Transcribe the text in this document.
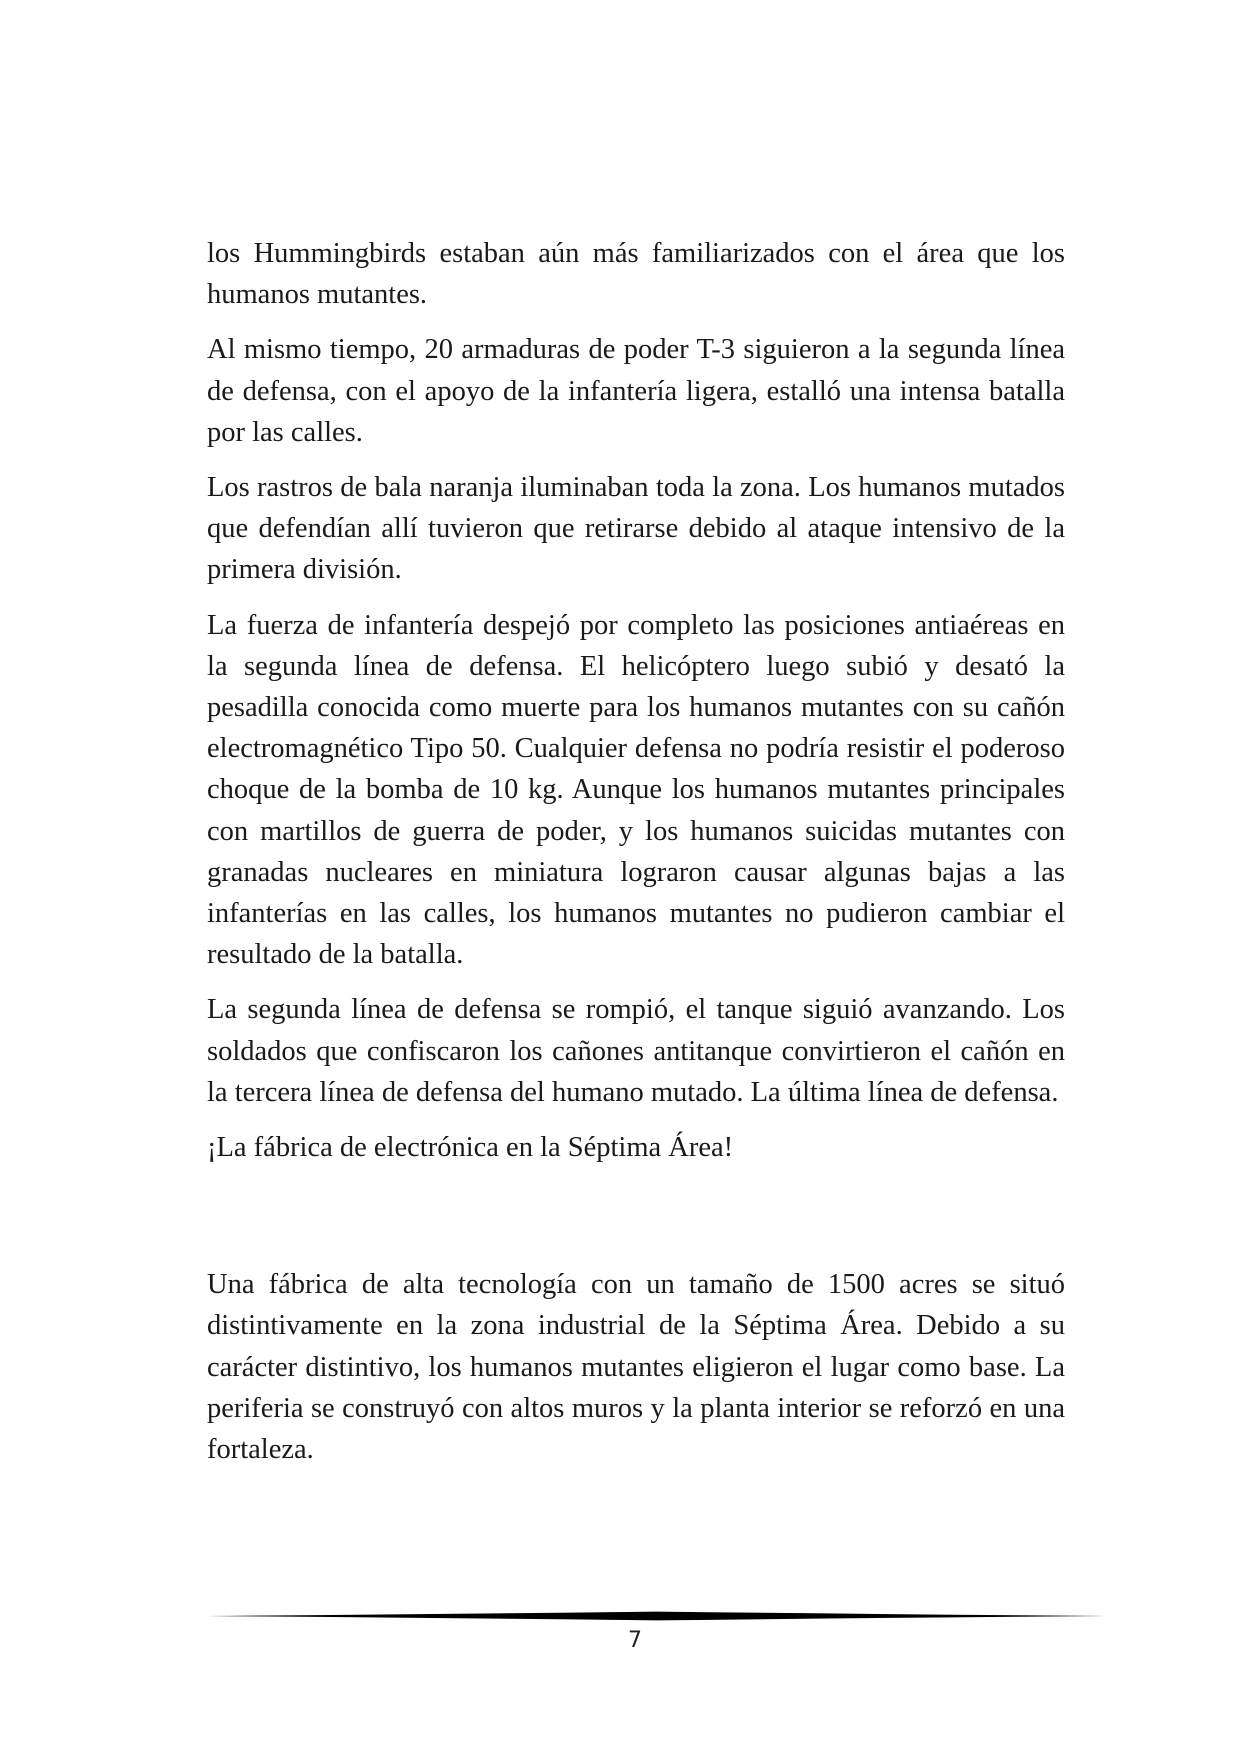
los Hummingbirds estaban aún más familiarizados con el área que los humanos mutantes.

Al mismo tiempo, 20 armaduras de poder T-3 siguieron a la segunda línea de defensa, con el apoyo de la infantería ligera, estalló una intensa batalla por las calles.

Los rastros de bala naranja iluminaban toda la zona. Los humanos mutados que defendían allí tuvieron que retirarse debido al ataque intensivo de la primera división.

La fuerza de infantería despejó por completo las posiciones antiaéreas en la segunda línea de defensa. El helicóptero luego subió y desató la pesadilla conocida como muerte para los humanos mutantes con su cañón electromagnético Tipo 50. Cualquier defensa no podría resistir el poderoso choque de la bomba de 10 kg. Aunque los humanos mutantes principales con martillos de guerra de poder, y los humanos suicidas mutantes con granadas nucleares en miniatura lograron causar algunas bajas a las infanterías en las calles, los humanos mutantes no pudieron cambiar el resultado de la batalla.

La segunda línea de defensa se rompió, el tanque siguió avanzando. Los soldados que confiscaron los cañones antitanque convirtieron el cañón en la tercera línea de defensa del humano mutado. La última línea de defensa.

¡La fábrica de electrónica en la Séptima Área!

Una fábrica de alta tecnología con un tamaño de 1500 acres se situó distintivamente en la zona industrial de la Séptima Área. Debido a su carácter distintivo, los humanos mutantes eligieron el lugar como base. La periferia se construyó con altos muros y la planta interior se reforzó en una fortaleza.

7
